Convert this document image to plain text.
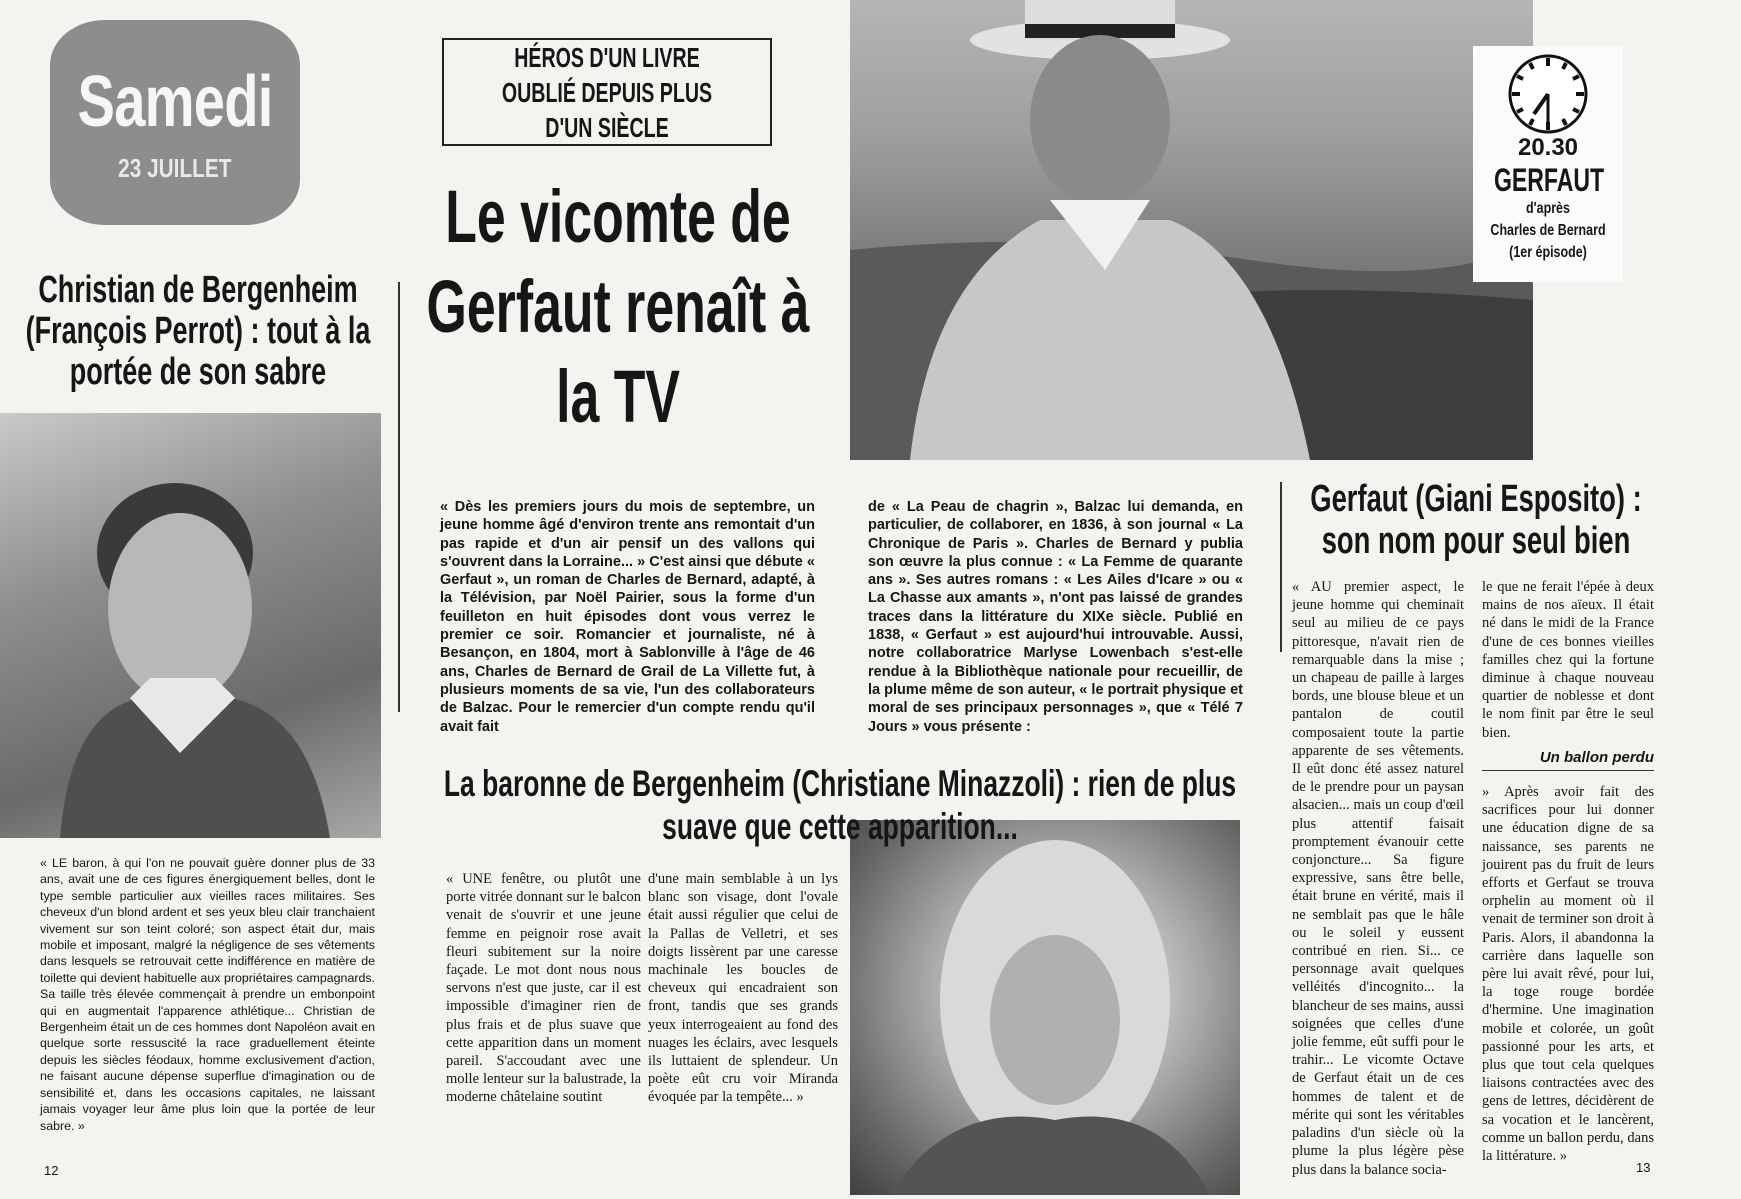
Samedi
23 JUILLET
Christian de Bergenheim (François Perrot) : tout à la portée de son sabre
HÉROS D'UN LIVRE OUBLIÉ DEPUIS PLUS D'UN SIÈCLE
Le vicomte de Gerfaut renaît à la TV
20.30
GERFAUT
d'après
Charles de Bernard
(1er épisode)
« Dès les premiers jours du mois de septembre, un jeune homme âgé d'environ trente ans remontait d'un pas rapide et d'un air pensif un des vallons qui s'ouvrent dans la Lorraine... » C'est ainsi que débute « Gerfaut », un roman de Charles de Bernard, adapté, à la Télévision, par Noël Pairier, sous la forme d'un feuilleton en huit épisodes dont vous verrez le premier ce soir. Romancier et journaliste, né à Besançon, en 1804, mort à Sablonville à l'âge de 46 ans, Charles de Bernard de Grail de La Villette fut, à plusieurs moments de sa vie, l'un des collaborateurs de Balzac. Pour le remercier d'un compte rendu qu'il avait fait
de « La Peau de chagrin », Balzac lui demanda, en particulier, de collaborer, en 1836, à son journal « La Chronique de Paris ». Charles de Bernard y publia son œuvre la plus connue : « La Femme de quarante ans ». Ses autres romans : « Les Ailes d'Icare » ou « La Chasse aux amants », n'ont pas laissé de grandes traces dans la littérature du XIXe siècle. Publié en 1838, « Gerfaut » est aujourd'hui introuvable. Aussi, notre collaboratrice Marlyse Lowenbach s'est-elle rendue à la Bibliothèque nationale pour recueillir, de la plume même de son auteur, « le portrait physique et moral de ses principaux personnages », que « Télé 7 Jours » vous présente :
Gerfaut (Giani Esposito) : son nom pour seul bien
« AU premier aspect, le jeune homme qui cheminait seul au milieu de ce pays pittoresque, n'avait rien de remarquable dans la mise ; un chapeau de paille à larges bords, une blouse bleue et un pantalon de coutil composaient toute la partie apparente de ses vêtements. Il eût donc été assez naturel de le prendre pour un paysan alsacien... mais un coup d'œil plus attentif faisait promptement évanouir cette conjoncture... Sa figure expressive, sans être belle, était brune en vérité, mais il ne semblait pas que le hâle ou le soleil y eussent contribué en rien. Si... ce personnage avait quelques velléités d'incognito... la blancheur de ses mains, aussi soignées que celles d'une jolie femme, eût suffi pour le trahir... Le vicomte Octave de Gerfaut était un de ces hommes de talent et de mérite qui sont les véritables paladins d'un siècle où la plume la plus légère pèse plus dans la balance socia-
le que ne ferait l'épée à deux mains de nos aïeux. Il était né dans le midi de la France d'une de ces bonnes vieilles familles chez qui la fortune diminue à chaque nouveau quartier de noblesse et dont le nom finit par être le seul bien.
Un ballon perdu
» Après avoir fait des sacrifices pour lui donner une éducation digne de sa naissance, ses parents ne jouirent pas du fruit de leurs efforts et Gerfaut se trouva orphelin au moment où il venait de terminer son droit à Paris. Alors, il abandonna la carrière dans laquelle son père lui avait rêvé, pour lui, la toge rouge bordée d'hermine. Une imagination mobile et colorée, un goût passionné pour les arts, et plus que tout cela quelques liaisons contractées avec des gens de lettres, décidèrent de sa vocation et le lancèrent, comme un ballon perdu, dans la littérature. »
La baronne de Bergenheim (Christiane Minazzoli) : rien de plus suave que cette apparition...
« UNE fenêtre, ou plutôt une porte vitrée donnant sur le balcon venait de s'ouvrir et une jeune femme en peignoir rose avait fleuri subitement sur la noire façade. Le mot dont nous nous servons n'est que juste, car il est impossible d'imaginer rien de plus frais et de plus suave que cette apparition dans un moment pareil. S'accoudant avec une molle lenteur sur la balustrade, la moderne châtelaine soutint
d'une main semblable à un lys blanc son visage, dont l'ovale était aussi régulier que celui de la Pallas de Velletri, et ses doigts lissèrent par une caresse machinale les boucles de cheveux qui encadraient son front, tandis que ses grands yeux interrogeaient au fond des nuages les éclairs, avec lesquels ils luttaient de splendeur. Un poète eût cru voir Miranda évoquée par la tempête... »
« LE baron, à qui l'on ne pouvait guère donner plus de 33 ans, avait une de ces figures énergiquement belles, dont le type semble particulier aux vieilles races militaires. Ses cheveux d'un blond ardent et ses yeux bleu clair tranchaient vivement sur son teint coloré; son aspect était dur, mais mobile et imposant, malgré la négligence de ses vêtements dans lesquels se retrouvait cette indifférence en matière de toilette qui devient habituelle aux propriétaires campagnards. Sa taille très élevée commençait à prendre un embonpoint qui en augmentait l'apparence athlétique... Christian de Bergenheim était un de ces hommes dont Napoléon avait en quelque sorte ressuscité la race graduellement éteinte depuis les siècles féodaux, homme exclusivement d'action, ne faisant aucune dépense superflue d'imagination ou de sensibilité et, dans les occasions capitales, ne laissant jamais voyager leur âme plus loin que la portée de leur sabre. »
12	13
